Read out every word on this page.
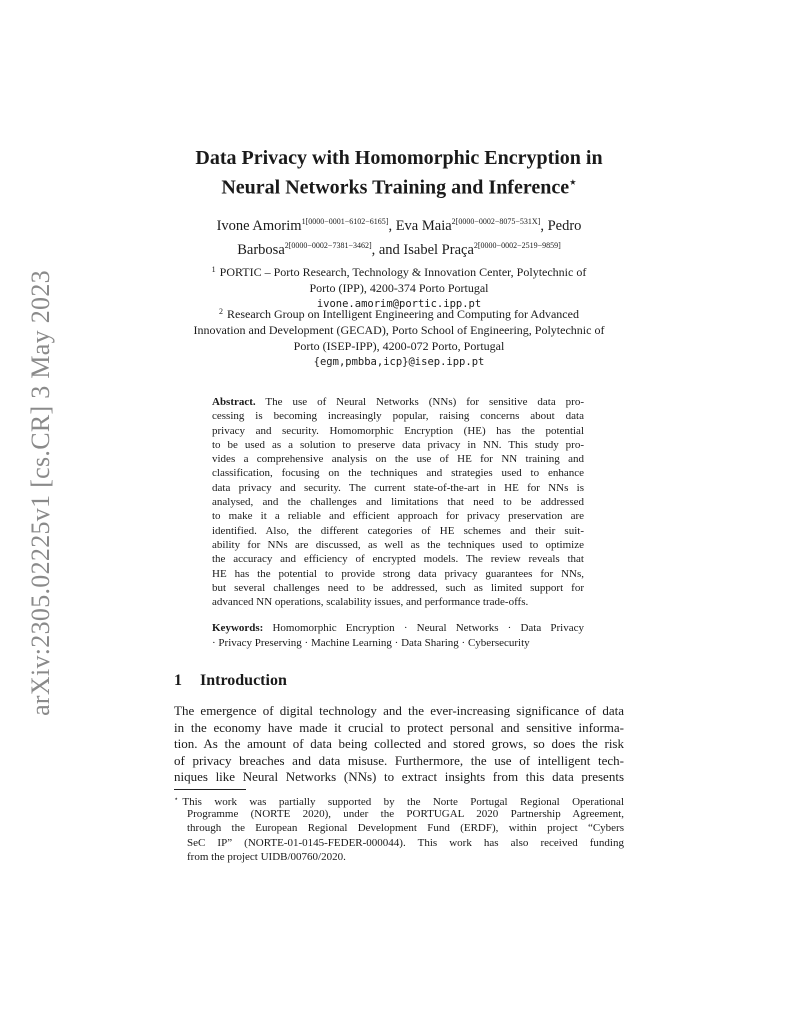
arXiv:2305.02225v1 [cs.CR] 3 May 2023
Data Privacy with Homomorphic Encryption in
Neural Networks Training and Inference⋆
Ivone Amorim$^{1[0000-0001-6102-6165]}$, Eva Maia$^{2[0000-0002-8075-531X]}$, Pedro
Barbosa$^{2[0000-0002-7381-3462]}$, and Isabel Praça$^{2[0000-0002-2519-9859]}$
$^1$ PORTIC – Porto Research, Technology & Innovation Center, Polytechnic of
Porto (IPP), 4200-374 Porto Portugal
ivone.amorim@portic.ipp.pt
$^2$ Research Group on Intelligent Engineering and Computing for Advanced
Innovation and Development (GECAD), Porto School of Engineering, Polytechnic of
Porto (ISEP-IPP), 4200-072 Porto, Portugal
{egm,pmbba,icp}@isep.ipp.pt
Abstract. The use of Neural Networks (NNs) for sensitive data pro-
cessing is becoming increasingly popular, raising concerns about data
privacy and security. Homomorphic Encryption (HE) has the potential
to be used as a solution to preserve data privacy in NN. This study pro-
vides a comprehensive analysis on the use of HE for NN training and
classification, focusing on the techniques and strategies used to enhance
data privacy and security. The current state-of-the-art in HE for NNs is
analysed, and the challenges and limitations that need to be addressed
to make it a reliable and efficient approach for privacy preservation are
identified. Also, the different categories of HE schemes and their suit-
ability for NNs are discussed, as well as the techniques used to optimize
the accuracy and efficiency of encrypted models. The review reveals that
HE has the potential to provide strong data privacy guarantees for NNs,
but several challenges need to be addressed, such as limited support for
advanced NN operations, scalability issues, and performance trade-offs.
Keywords: Homomorphic Encryption · Neural Networks · Data Privacy
· Privacy Preserving · Machine Learning · Data Sharing · Cybersecurity
1 Introduction
The emergence of digital technology and the ever-increasing significance of data
in the economy have made it crucial to protect personal and sensitive informa-
tion. As the amount of data being collected and stored grows, so does the risk
of privacy breaches and data misuse. Furthermore, the use of intelligent tech-
niques like Neural Networks (NNs) to extract insights from this data presents
⋆ This work was partially supported by the Norte Portugal Regional Operational
Programme (NORTE 2020), under the PORTUGAL 2020 Partnership Agreement,
through the European Regional Development Fund (ERDF), within project “Cybers
SeC IP” (NORTE-01-0145-FEDER-000044). This work has also received funding
from the project UIDB/00760/2020.
